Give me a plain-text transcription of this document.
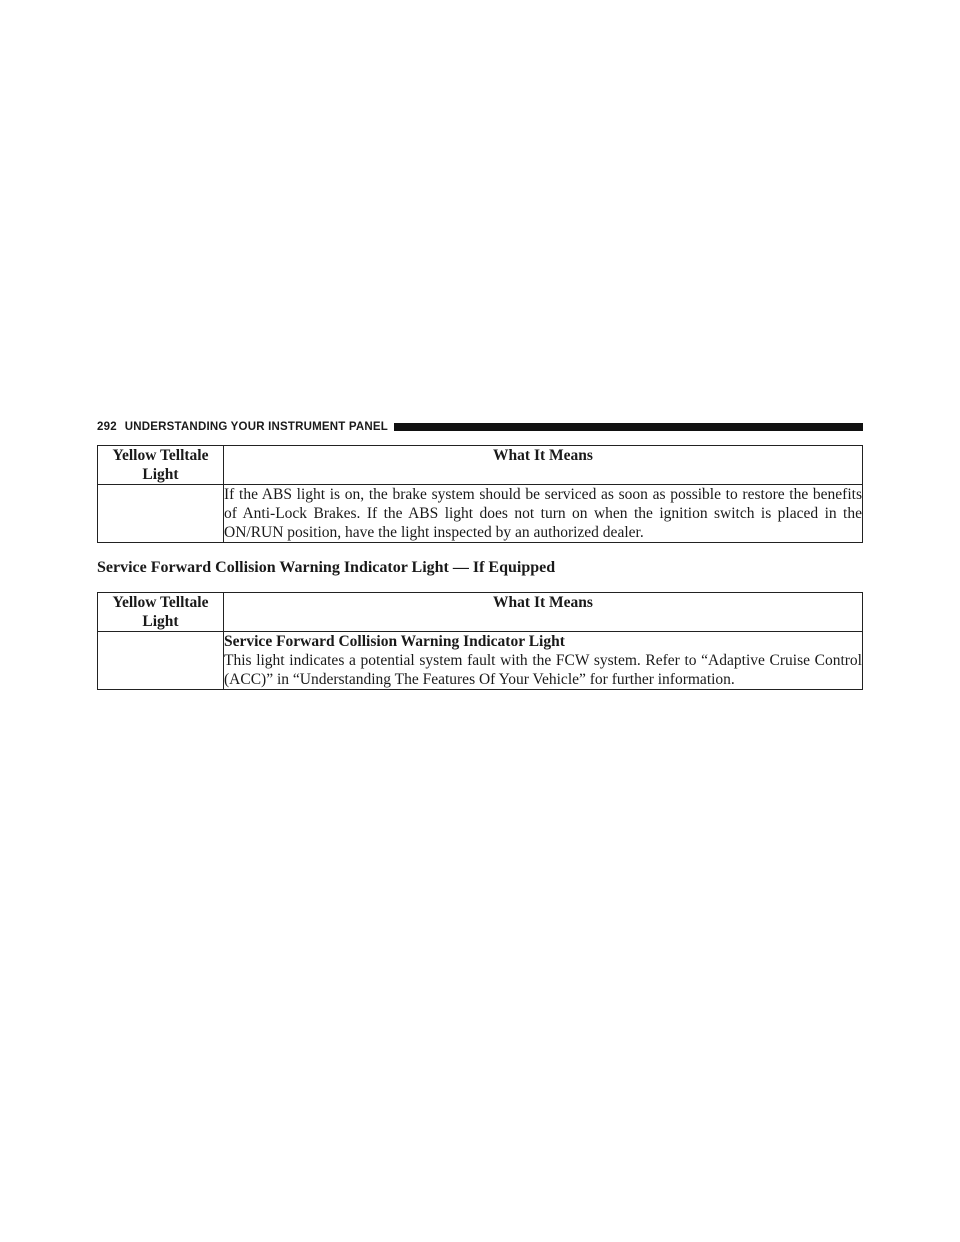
292 UNDERSTANDING YOUR INSTRUMENT PANEL
Yellow Telltale Light	What It Means
	If the ABS light is on, the brake system should be serviced as soon as possible to restore the benefits of Anti-Lock Brakes. If the ABS light does not turn on when the ignition switch is placed in the ON/RUN position, have the light inspected by an authorized dealer.
Service Forward Collision Warning Indicator Light — If Equipped
Yellow Telltale Light	What It Means

	Service Forward Collision Warning Indicator Light
This light indicates a potential system fault with the FCW system. Refer to “Adaptive Cruise Control (ACC)” in “Understanding The Features Of Your Vehicle” for further information.
